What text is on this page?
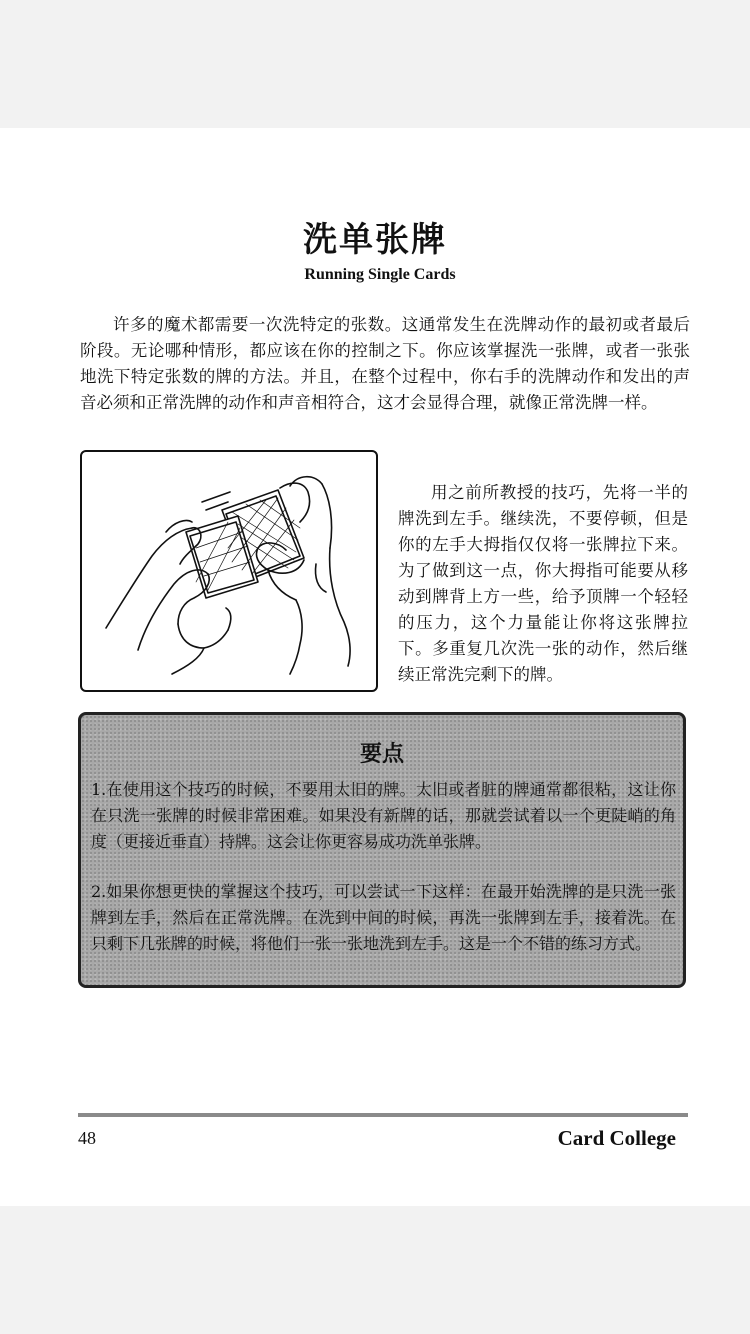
洗单张牌
Running Single Cards

许多的魔术都需要一次洗特定的张数。这通常发生在洗牌动作的最初或者最后阶段。无论哪种情形，都应该在你的控制之下。你应该掌握洗一张牌，或者一张张地洗下特定张数的牌的方法。并且，在整个过程中，你右手的洗牌动作和发出的声音必须和正常洗牌的动作和声音相符合，这才会显得合理，就像正常洗牌一样。

用之前所教授的技巧，先将一半的牌洗到左手。继续洗，不要停顿，但是你的左手大拇指仅仅将一张牌拉下来。为了做到这一点，你大拇指可能要从移动到牌背上方一些，给予顶牌一个轻轻的压力，这个力量能让你将这张牌拉下。多重复几次洗一张的动作，然后继续正常洗完剩下的牌。

要点

1.在使用这个技巧的时候，不要用太旧的牌。太旧或者脏的牌通常都很粘，这让你在只洗一张牌的时候非常困难。如果没有新牌的话，那就尝试着以一个更陡峭的角度（更接近垂直）持牌。这会让你更容易成功洗单张牌。

2.如果你想更快的掌握这个技巧，可以尝试一下这样：在最开始洗牌的是只洗一张牌到左手，然后在正常洗牌。在洗到中间的时候，再洗一张牌到左手，接着洗。在只剩下几张牌的时候，将他们一张一张地洗到左手。这是一个不错的练习方式。

48	Card College
